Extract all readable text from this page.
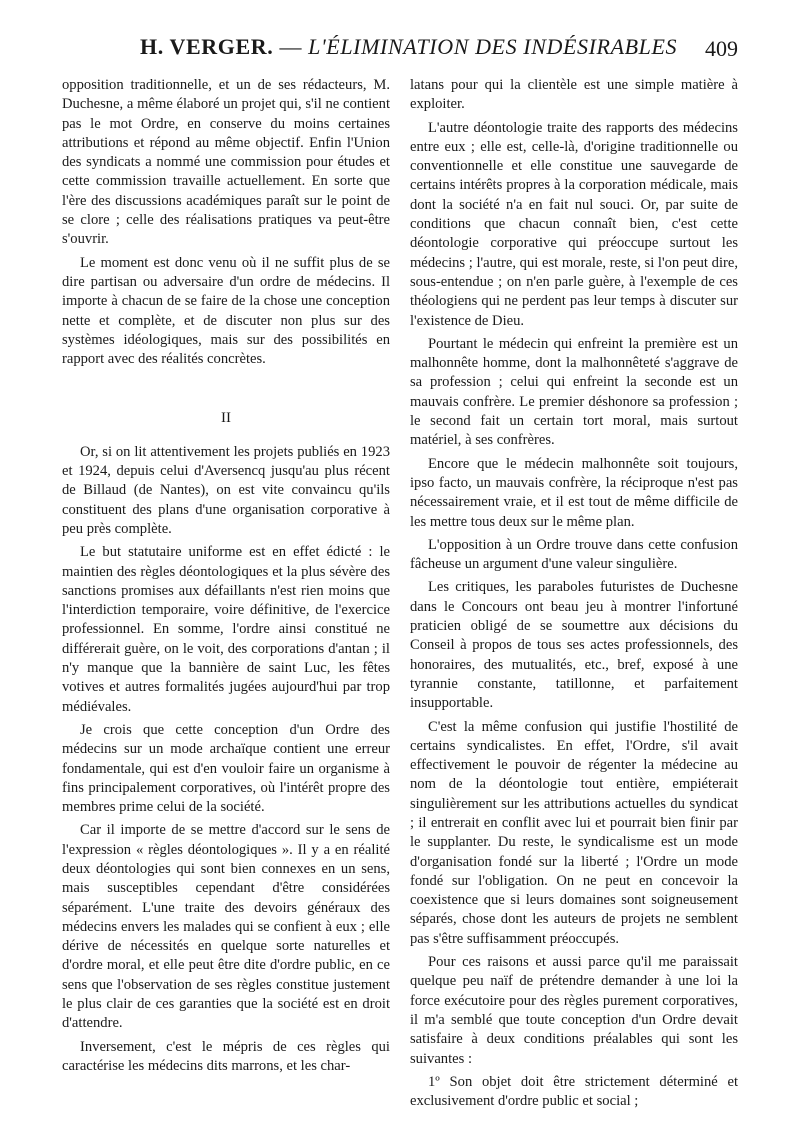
H. VERGER. — L'ÉLIMINATION DES INDÉSIRABLES 409

opposition traditionnelle, et un de ses rédacteurs, M. Duchesne, a même élaboré un projet qui, s'il ne contient pas le mot Ordre, en conserve du moins certaines attributions et répond au même objectif. Enfin l'Union des syndicats a nommé une commission pour études et cette commission travaille actuellement. En sorte que l'ère des discussions académiques paraît sur le point de se clore ; celle des réalisations pratiques va peut-être s'ouvrir.

Le moment est donc venu où il ne suffit plus de se dire partisan ou adversaire d'un ordre de médecins. Il importe à chacun de se faire de la chose une conception nette et complète, et de discuter non plus sur des systèmes idéologiques, mais sur des possibilités en rapport avec des réalités concrètes.

II

Or, si on lit attentivement les projets publiés en 1923 et 1924, depuis celui d'Aversencq jusqu'au plus récent de Billaud (de Nantes), on est vite convaincu qu'ils constituent des plans d'une organisation corporative à peu près complète.

Le but statutaire uniforme est en effet édicté : le maintien des règles déontologiques et la plus sévère des sanctions promises aux défaillants n'est rien moins que l'interdiction temporaire, voire définitive, de l'exercice professionnel. En somme, l'ordre ainsi constitué ne différerait guère, on le voit, des corporations d'antan ; il n'y manque que la bannière de saint Luc, les fêtes votives et autres formalités jugées aujourd'hui par trop médiévales.

Je crois que cette conception d'un Ordre des médecins sur un mode archaïque contient une erreur fondamentale, qui est d'en vouloir faire un organisme à fins principalement corporatives, où l'intérêt propre des membres prime celui de la société.

Car il importe de se mettre d'accord sur le sens de l'expression « règles déontologiques ». Il y a en réalité deux déontologies qui sont bien connexes en un sens, mais susceptibles cependant d'être considérées séparément. L'une traite des devoirs généraux des médecins envers les malades qui se confient à eux ; elle dérive de nécessités en quelque sorte naturelles et d'ordre moral, et elle peut être dite d'ordre public, en ce sens que l'observation de ses règles constitue justement le plus clair de ces garanties que la société est en droit d'attendre.

Inversement, c'est le mépris de ces règles qui caractérise les médecins dits marrons, et les char-

latans pour qui la clientèle est une simple matière à exploiter.

L'autre déontologie traite des rapports des médecins entre eux ; elle est, celle-là, d'origine traditionnelle ou conventionnelle et elle constitue une sauvegarde de certains intérêts propres à la corporation médicale, mais dont la société n'a en fait nul souci. Or, par suite de conditions que chacun connaît bien, c'est cette déontologie corporative qui préoccupe surtout les médecins ; l'autre, qui est morale, reste, si l'on peut dire, sous-entendue ; on n'en parle guère, à l'exemple de ces théologiens qui ne perdent pas leur temps à discuter sur l'existence de Dieu.

Pourtant le médecin qui enfreint la première est un malhonnête homme, dont la malhonnêteté s'aggrave de sa profession ; celui qui enfreint la seconde est un mauvais confrère. Le premier déshonore sa profession ; le second fait un certain tort moral, mais surtout matériel, à ses confrères.

Encore que le médecin malhonnête soit toujours, ipso facto, un mauvais confrère, la réciproque n'est pas nécessairement vraie, et il est tout de même difficile de les mettre tous deux sur le même plan.

L'opposition à un Ordre trouve dans cette confusion fâcheuse un argument d'une valeur singulière.

Les critiques, les paraboles futuristes de Duchesne dans le Concours ont beau jeu à montrer l'infortuné praticien obligé de se soumettre aux décisions du Conseil à propos de tous ses actes professionnels, des honoraires, des mutualités, etc., bref, exposé à une tyrannie constante, tatillonne, et parfaitement insupportable.

C'est la même confusion qui justifie l'hostilité de certains syndicalistes. En effet, l'Ordre, s'il avait effectivement le pouvoir de régenter la médecine au nom de la déontologie tout entière, empiéterait singulièrement sur les attributions actuelles du syndicat ; il entrerait en conflit avec lui et pourrait bien finir par le supplanter. Du reste, le syndicalisme est un mode d'organisation fondé sur la liberté ; l'Ordre un mode fondé sur l'obligation. On ne peut en concevoir la coexistence que si leurs domaines sont soigneusement séparés, chose dont les auteurs de projets ne semblent pas s'être suffisamment préoccupés.

Pour ces raisons et aussi parce qu'il me paraissait quelque peu naïf de prétendre demander à une loi la force exécutoire pour des règles purement corporatives, il m'a semblé que toute conception d'un Ordre devait satisfaire à deux conditions préalables qui sont les suivantes :

1º Son objet doit être strictement déterminé et exclusivement d'ordre public et social ;
